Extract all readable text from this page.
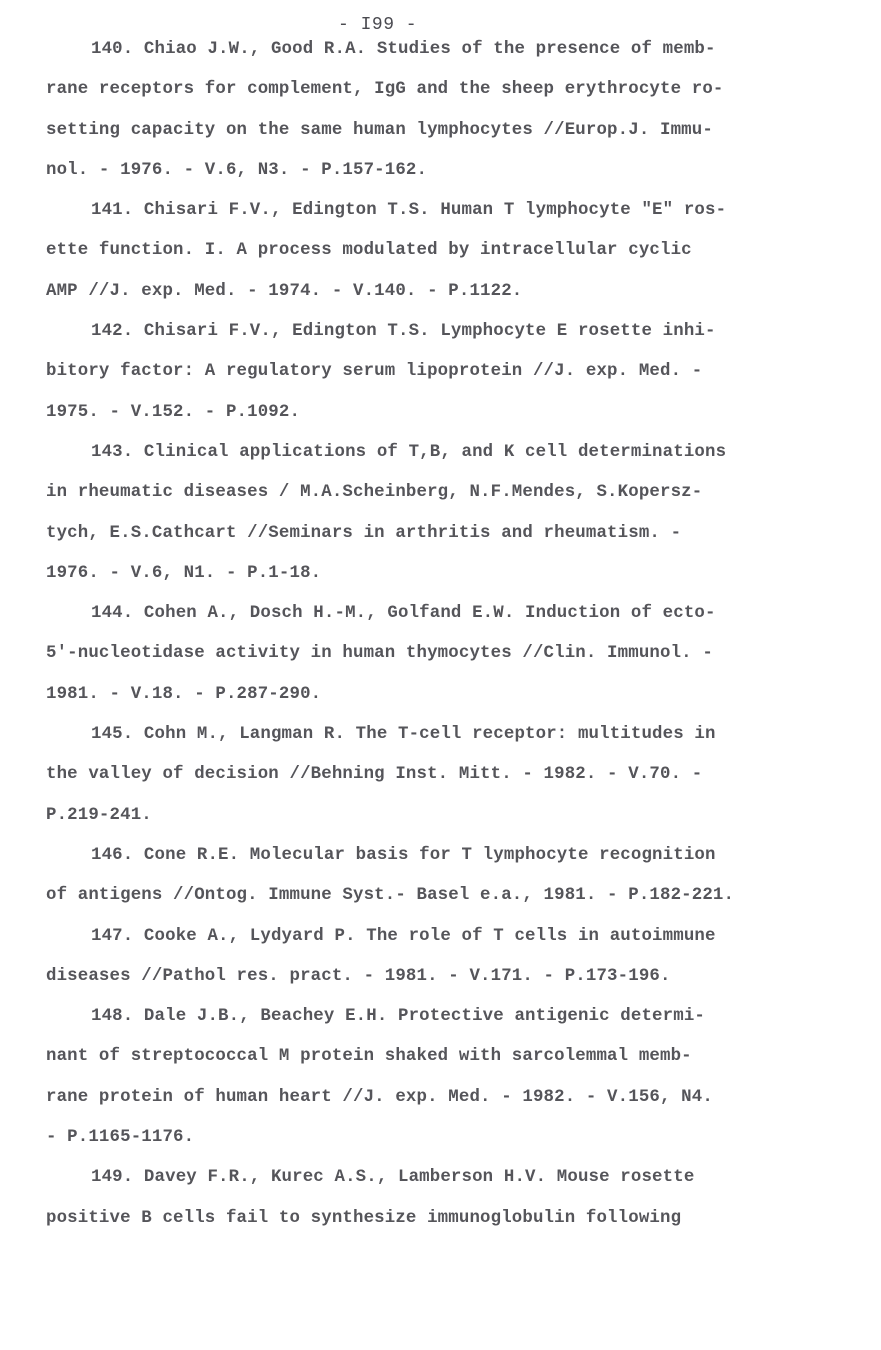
- I99 -
140. Chiao J.W., Good R.A. Studies of the presence of memb-
rane receptors for complement, IgG and the sheep erythrocyte ro-
setting capacity on the same human lymphocytes //Europ.J. Immu-
nol. - 1976. - V.6, N3. - P.157-162.
141. Chisari F.V., Edington T.S. Human T lymphocyte "E" ros-
ette function. I. A process modulated by intracellular cyclic
AMP //J. exp. Med. - 1974. - V.140. - P.1122.
142. Chisari F.V., Edington T.S. Lymphocyte E rosette inhi-
bitory factor: A regulatory serum lipoprotein //J. exp. Med. -
1975. - V.152. - P.1092.
143. Clinical applications of T,B, and K cell determinations
in rheumatic diseases / M.A.Scheinberg, N.F.Mendes, S.Kopersz-
tych, E.S.Cathcart //Seminars in arthritis and rheumatism. -
1976. - V.6, N1. - P.1-18.
144. Cohen A., Dosch H.-M., Golfand E.W. Induction of ecto-
5'-nucleotidase activity in human thymocytes //Clin. Immunol. -
1981. - V.18. - P.287-290.
145. Cohn M., Langman R. The T-cell receptor: multitudes in
the valley of decision //Behning Inst. Mitt. - 1982. - V.70. -
P.219-241.
146. Cone R.E. Molecular basis for T lymphocyte recognition
of antigens //Ontog. Immune Syst.- Basel e.a., 1981. - P.182-221.
147. Cooke A., Lydyard P. The role of T cells in autoimmune
diseases //Pathol res. pract. - 1981. - V.171. - P.173-196.
148. Dale J.B., Beachey E.H. Protective antigenic determi-
nant of streptococcal M protein shaked with sarcolemmal memb-
rane protein of human heart //J. exp. Med. - 1982. - V.156, N4.
- P.1165-1176.
149. Davey F.R., Kurec A.S., Lamberson H.V. Mouse rosette
positive B cells fail to synthesize immunoglobulin following
